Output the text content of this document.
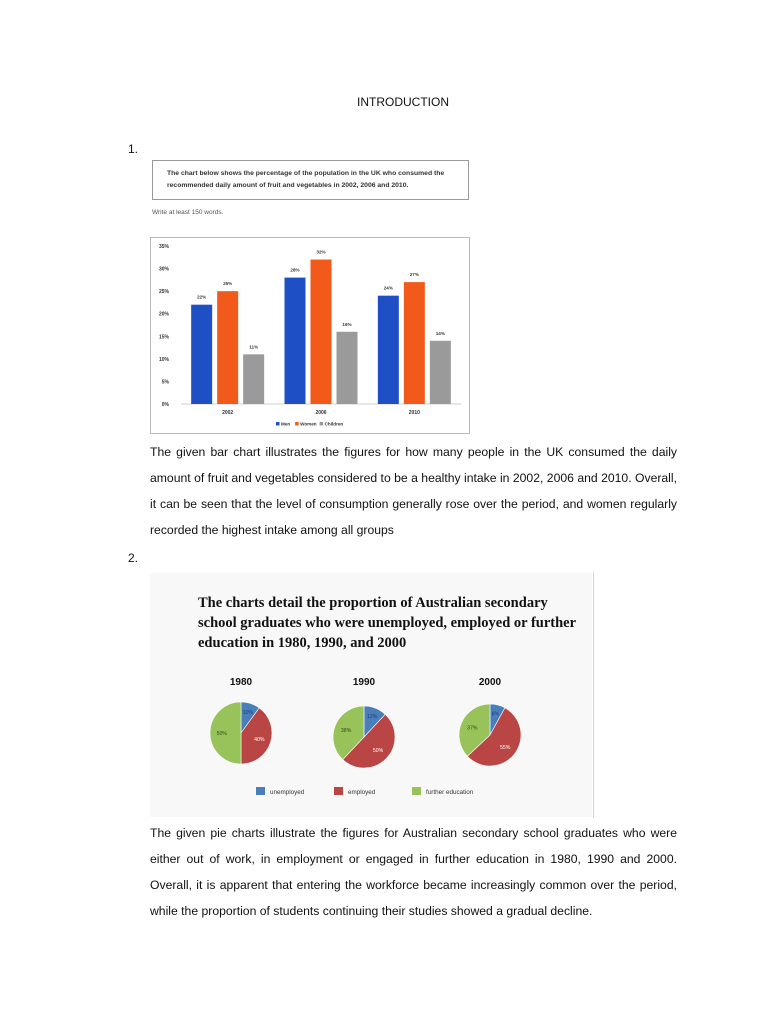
INTRODUCTION
1.
The chart below shows the percentage of the population in the UK who consumed the recommended daily amount of fruit and vegetables in 2002, 2006 and 2010.
Write at least 150 words.
0%
5%
10%
15%
20%
25%
30%
35%
22%
25%
11%
2002
28%
32%
16%
2006
24%
27%
14%
2010
Men Women Children
The given bar chart illustrates the figures for how many people in the UK consumed the daily amount of fruit and vegetables considered to be a healthy intake in 2002, 2006 and 2010. Overall, it can be seen that the level of consumption generally rose over the period, and women regularly recorded the highest intake among all groups
2.
The charts detail the proportion of Australian secondary school graduates who were unemployed, employed or further education in 1980, 1990, and 2000
1980
10%
40%
50%
1990
12%
50%
38%
2000
8%
55%
37%
unemployed	employed	further education
The given pie charts illustrate the figures for Australian secondary school graduates who were either out of work, in employment or engaged in further education in 1980, 1990 and 2000. Overall, it is apparent that entering the workforce became increasingly common over the period, while the proportion of students continuing their studies showed a gradual decline.
